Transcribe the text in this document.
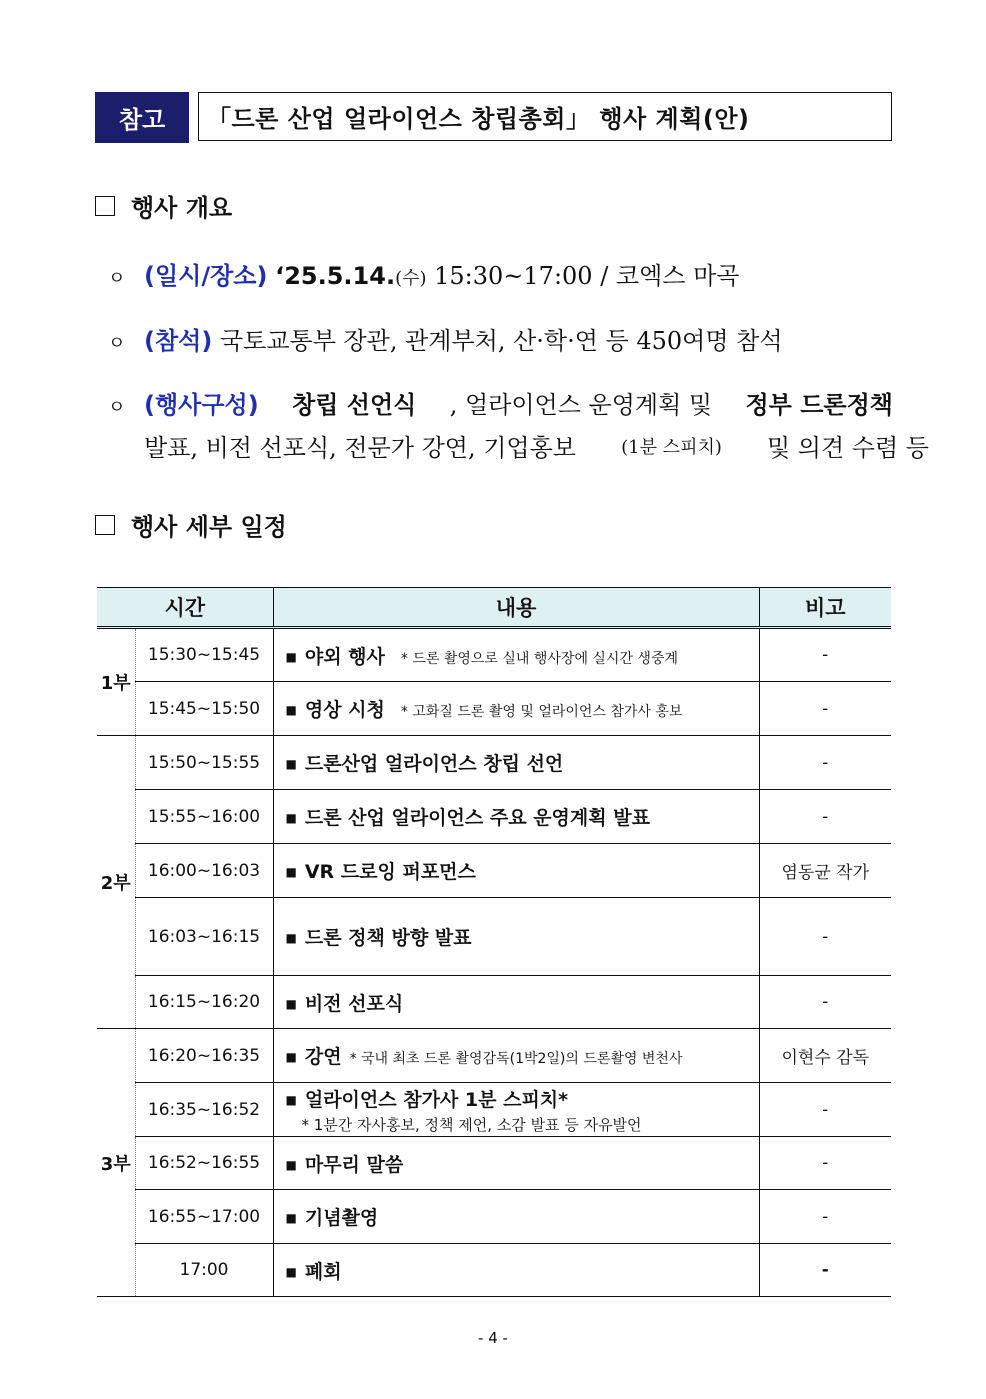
참고	「드론 산업 얼라이언스 창립총회」 행사 계획(안)
행사 개요
ㅇ (일시/장소) ‘25.5.14.(수) 15:30~17:00 / 코엑스 마곡
ㅇ (참석) 국토교통부 장관, 관계부처, 산·학·연 등 450여명 참석
ㅇ (행사구성) 창립 선언식 , 얼라이언스 운영계획 및 정부 드론정책
발표, 비전 선포식, 전문가 강연, 기업홍보	(1분 스피치) 및 의견 수렴 등
행사 세부 일정
시간		내용	비고
1부	15:30~15:45	■ 야외 행사 * 드론 촬영으로 실내 행사장에 실시간 생중계	-
	15:45~15:50	■ 영상 시청 * 고화질 드론 촬영 및 얼라이언스 참가사 홍보	-
2부	15:50~15:55	■ 드론산업 얼라이언스 창립 선언	-
	15:55~16:00	■ 드론 산업 얼라이언스 주요 운영계획 발표	-
	16:00~16:03	■ VR 드로잉 퍼포먼스	염동균 작가
	16:03~16:15	■ 드론 정책 방향 발표	-
	16:15~16:20	■ 비전 선포식	-
3부	16:20~16:35	■ 강연 * 국내 최초 드론 촬영감독(1박2일)의 드론촬영 변천사	이현수 감독
	16:35~16:52	■ 얼라이언스 참가사 1분 스피치*
* 1분간 자사홍보, 정책 제언, 소감 발표 등 자유발언	-
	16:52~16:55	■ 마무리 말씀	-
	16:55~17:00	■ 기념촬영	-
	17:00	■ 폐회	-
- 4 -
